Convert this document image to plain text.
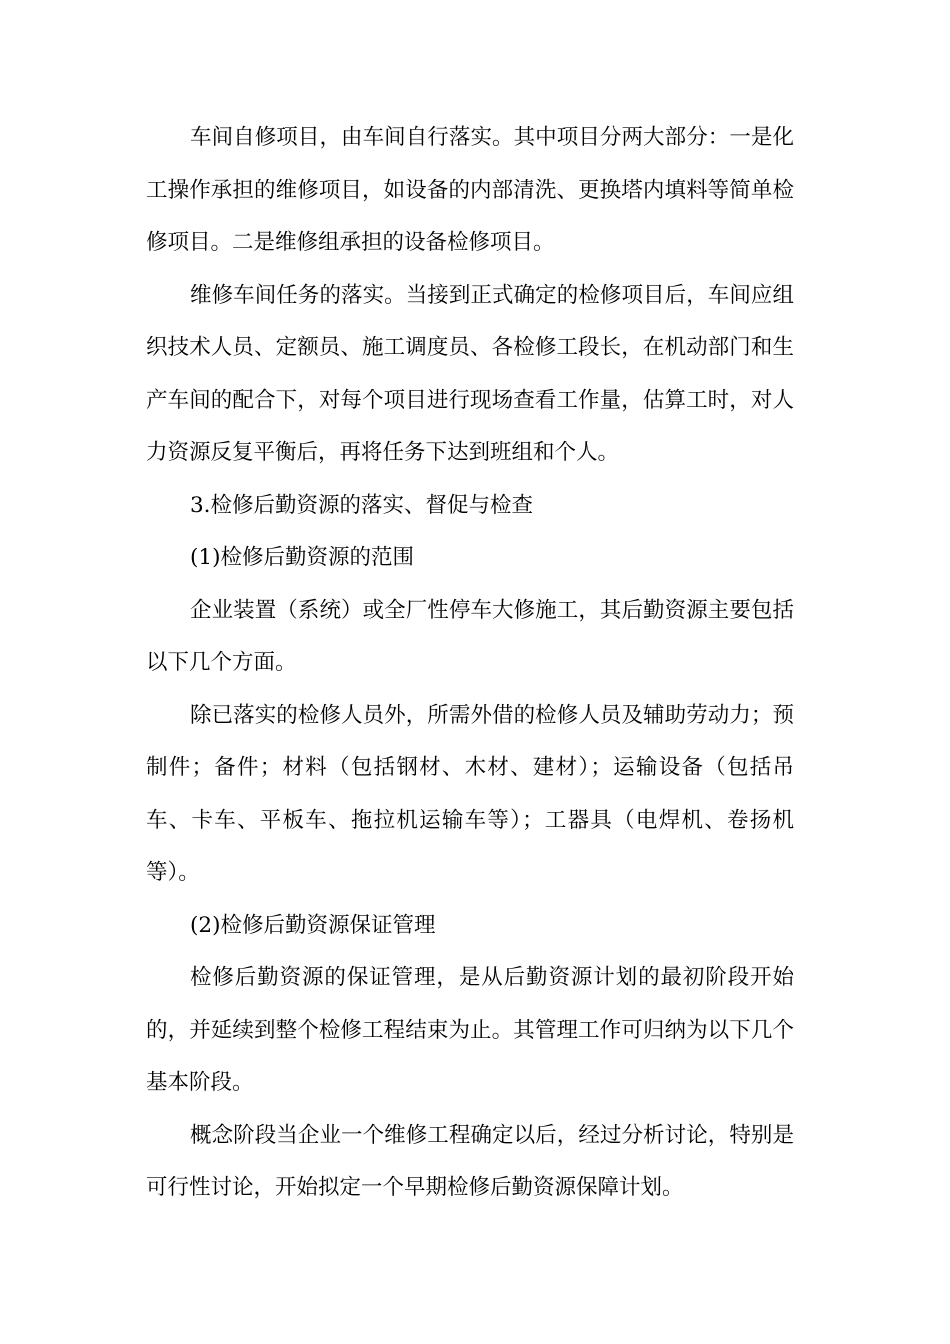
车间自修项目，由车间自行落实。其中项目分两大部分：一是化工操作承担的维修项目，如设备的内部清洗、更换塔内填料等简单检修项目。二是维修组承担的设备检修项目。

维修车间任务的落实。当接到正式确定的检修项目后，车间应组织技术人员、定额员、施工调度员、各检修工段长，在机动部门和生产车间的配合下，对每个项目进行现场查看工作量，估算工时，对人力资源反复平衡后，再将任务下达到班组和个人。

3.检修后勤资源的落实、督促与检查

(1)检修后勤资源的范围

企业装置（系统）或全厂性停车大修施工，其后勤资源主要包括以下几个方面。

除已落实的检修人员外，所需外借的检修人员及辅助劳动力；预制件；备件；材料（包括钢材、木材、建材）；运输设备（包括吊车、卡车、平板车、拖拉机运输车等）；工器具（电焊机、卷扬机等）。

(2)检修后勤资源保证管理

检修后勤资源的保证管理，是从后勤资源计划的最初阶段开始的，并延续到整个检修工程结束为止。其管理工作可归纳为以下几个基本阶段。

概念阶段当企业一个维修工程确定以后，经过分析讨论，特别是可行性讨论，开始拟定一个早期检修后勤资源保障计划。
